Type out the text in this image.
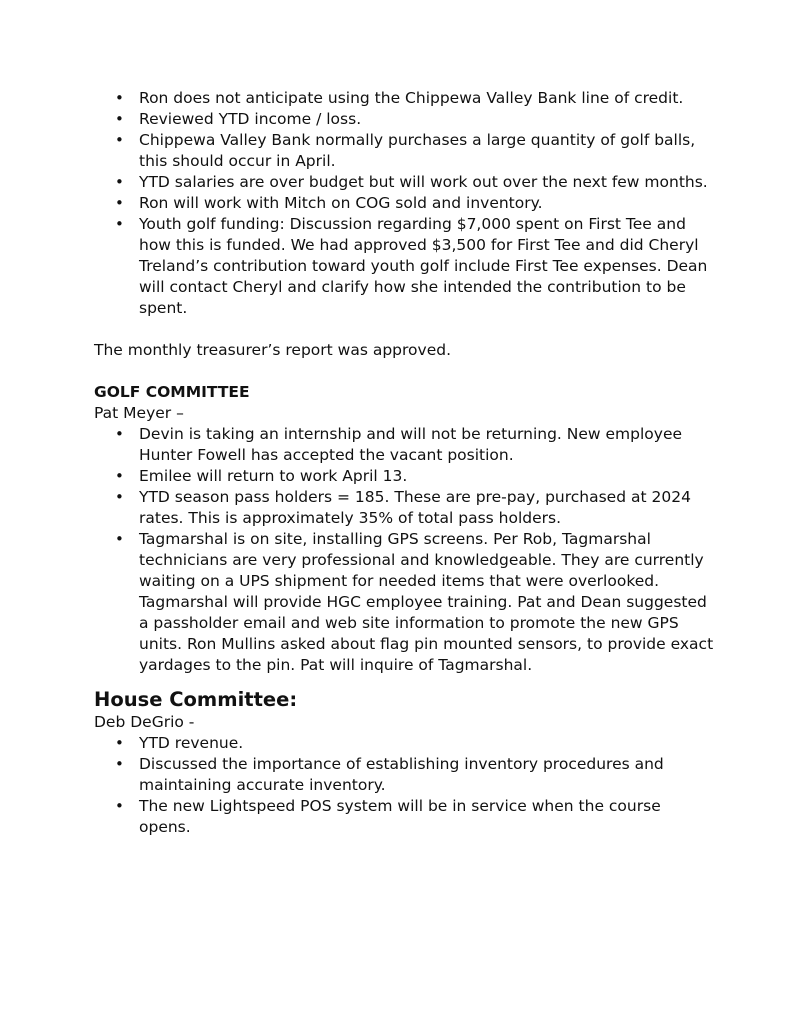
• Ron does not anticipate using the Chippewa Valley Bank line of credit.
• Reviewed YTD income / loss.
• Chippewa Valley Bank normally purchases a large quantity of golf balls, this should occur in April.
• YTD salaries are over budget but will work out over the next few months.
• Ron will work with Mitch on COG sold and inventory.
• Youth golf funding: Discussion regarding $7,000 spent on First Tee and how this is funded. We had approved $3,500 for First Tee and did Cheryl Treland’s contribution toward youth golf include First Tee expenses. Dean will contact Cheryl and clarify how she intended the contribution to be spent.

The monthly treasurer’s report was approved.

GOLF COMMITTEE

Pat Meyer –

• Devin is taking an internship and will not be returning. New employee Hunter Fowell has accepted the vacant position.
• Emilee will return to work April 13.
• YTD season pass holders = 185. These are pre-pay, purchased at 2024 rates. This is approximately 35% of total pass holders.
• Tagmarshal is on site, installing GPS screens. Per Rob, Tagmarshal technicians are very professional and knowledgeable. They are currently waiting on a UPS shipment for needed items that were overlooked. Tagmarshal will provide HGC employee training. Pat and Dean suggested a passholder email and web site information to promote the new GPS units. Ron Mullins asked about flag pin mounted sensors, to provide exact yardages to the pin. Pat will inquire of Tagmarshal.

House Committee:

Deb DeGrio -

• YTD revenue.
• Discussed the importance of establishing inventory procedures and maintaining accurate inventory.
• The new Lightspeed POS system will be in service when the course opens.
